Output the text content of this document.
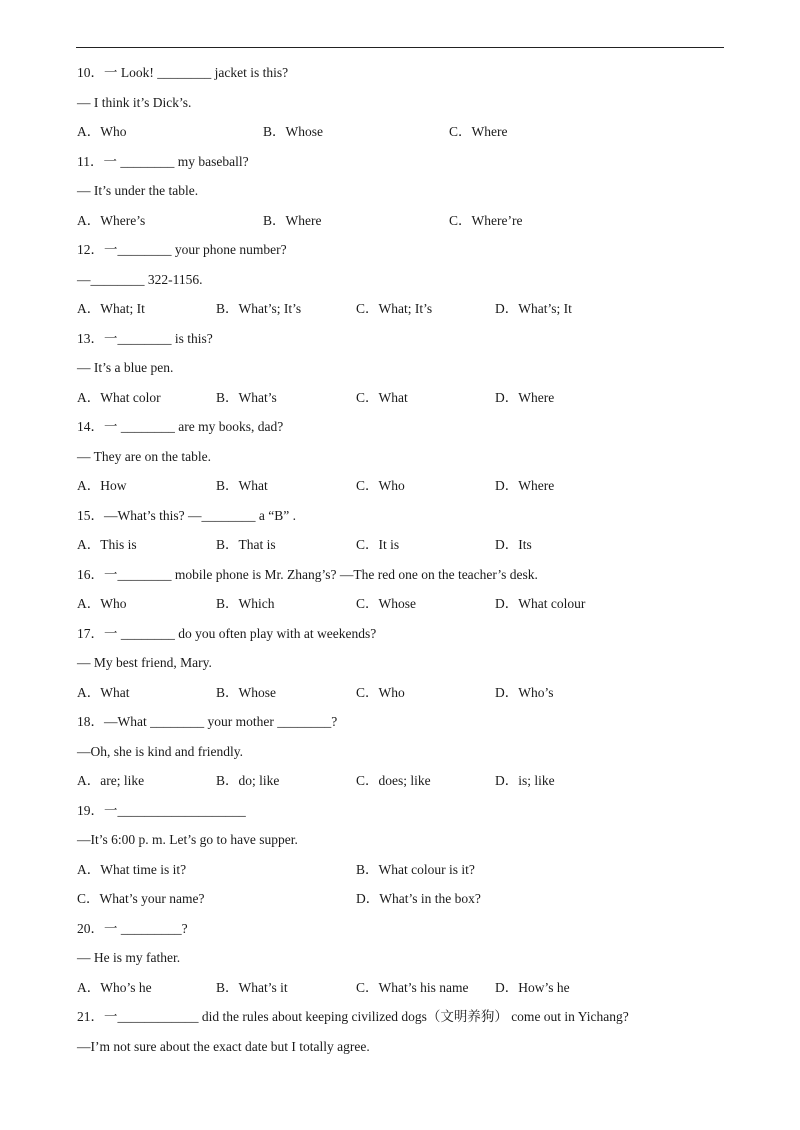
10．一 Look! ________ jacket is this?
— I think it’s Dick’s.
A．Who	B．Whose	C．Where
11．一 ________ my baseball?
— It’s under the table.
A．Where’s	B．Where	C．Where’re
12．一________ your phone number?
—________ 322-1156.
A．What; It	B．What’s; It’s	C．What; It’s	D．What’s; It
13．一________ is this?
— It’s a blue pen.
A．What color	B．What’s	C．What	D．Where
14．一 ________ are my books, dad?
— They are on the table.
A．How	B．What	C．Who	D．Where
15．—What’s this? —________ a “B” .
A．This is	B．That is	C．It is	D．Its
16．一________ mobile phone is Mr. Zhang’s? —The red one on the teacher’s desk.
A．Who	B．Which	C．Whose	D．What colour
17．一 ________ do you often play with at weekends?
— My best friend, Mary.
A．What	B．Whose	C．Who	D．Who’s
18．—What ________ your mother ________?
—Oh, she is kind and friendly.
A．are; like	B．do; like	C．does; like	D．is; like
19．一___________________
—It’s 6:00 p. m. Let’s go to have supper.
A．What time is it?	B．What colour is it?
C．What’s your name?	D．What’s in the box?
20．一 _________?
— He is my father.
A．Who’s he	B．What’s it	C．What’s his name D．How’s he
21．一____________ did the rules about keeping civilized dogs（文明养狗） come out in Yichang?
—I’m not sure about the exact date but I totally agree.
